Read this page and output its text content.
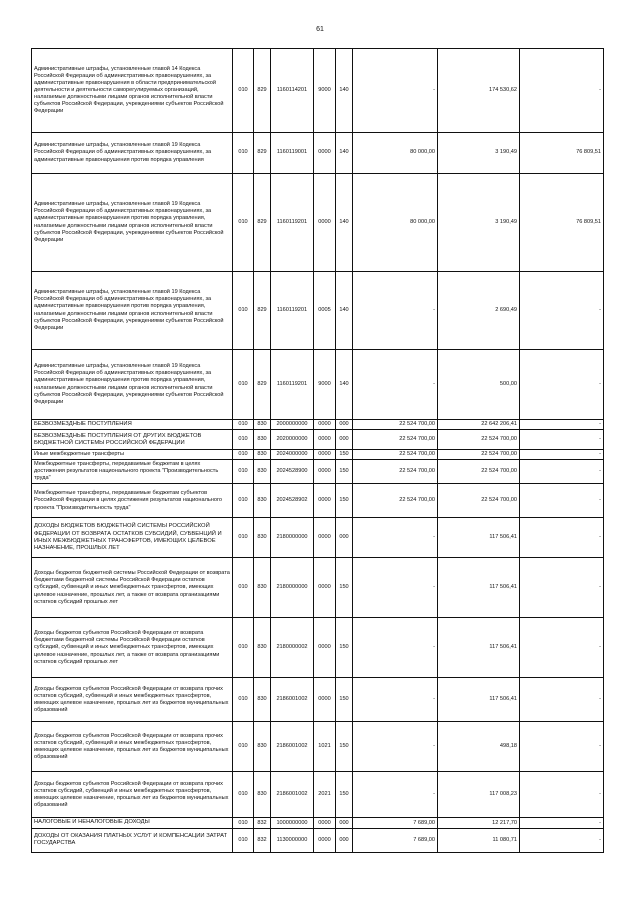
61
Административные штрафы, установленные главой 14 Кодекса Российской Федерации об административных правонарушениях, за административные правонарушения в области предпринимательской деятельности и деятельности саморегулируемых организаций, налагаемые должностными лицами органов исполнительной власти субъектов Российской Федерации, учреждениями субъектов Российской Федерации	010	829	1160114201	9000	140	-	174 530,62	-
Административные штрафы, установленные главой 19 Кодекса Российской Федерации об административных правонарушениях, за административные правонарушения против порядка управления	010	829	1160119001	0000	140	80 000,00	3 190,49	76 809,51
Административные штрафы, установленные главой 19 Кодекса Российской Федерации об административных правонарушениях, за административные правонарушения против порядка управления, налагаемые должностными лицами органов исполнительной власти субъектов Российской Федерации, учреждениями субъектов Российской Федерации	010	829	1160119201	0000	140	80 000,00	3 190,49	76 809,51
Административные штрафы, установленные главой 19 Кодекса Российской Федерации об административных правонарушениях, за административные правонарушения против порядка управления, налагаемые должностными лицами органов исполнительной власти субъектов Российской Федерации, учреждениями субъектов Российской Федерации	010	829	1160119201	0005	140	-	2 690,49	-
Административные штрафы, установленные главой 19 Кодекса Российской Федерации об административных правонарушениях, за административные правонарушения против порядка управления, налагаемые должностными лицами органов исполнительной власти субъектов Российской Федерации, учреждениями субъектов Российской Федерации	010	829	1160119201	9000	140	-	500,00	-
БЕЗВОЗМЕЗДНЫЕ ПОСТУПЛЕНИЯ	010	830	2000000000	0000	000	22 524 700,00	22 642 206,41	-
БЕЗВОЗМЕЗДНЫЕ ПОСТУПЛЕНИЯ ОТ ДРУГИХ БЮДЖЕТОВ БЮДЖЕТНОЙ СИСТЕМЫ РОССИЙСКОЙ ФЕДЕРАЦИИ	010	830	2020000000	0000	000	22 524 700,00	22 524 700,00	-
Иные межбюджетные трансферты	010	830	2024000000	0000	150	22 524 700,00	22 524 700,00	-
Межбюджетные трансферты, передаваемые бюджетам в целях достижения результатов национального проекта "Производительность труда"	010	830	2024528900	0000	150	22 524 700,00	22 524 700,00	-
Межбюджетные трансферты, передаваемые бюджетам субъектов Российской Федерации в целях достижения результатов национального проекта "Производительность труда"	010	830	2024528902	0000	150	22 524 700,00	22 524 700,00	-
ДОХОДЫ БЮДЖЕТОВ БЮДЖЕТНОЙ СИСТЕМЫ РОССИЙСКОЙ ФЕДЕРАЦИИ ОТ ВОЗВРАТА ОСТАТКОВ СУБСИДИЙ, СУБВЕНЦИЙ И ИНЫХ МЕЖБЮДЖЕТНЫХ ТРАНСФЕРТОВ, ИМЕЮЩИХ ЦЕЛЕВОЕ НАЗНАЧЕНИЕ, ПРОШЛЫХ ЛЕТ	010	830	2180000000	0000	000	-	117 506,41	-
Доходы бюджетов бюджетной системы Российской Федерации от возврата бюджетами бюджетной системы Российской Федерации остатков субсидий, субвенций и иных межбюджетных трансфертов, имеющих целевое назначение, прошлых лет, а также от возврата организациями остатков субсидий прошлых лет	010	830	2180000000	0000	150	-	117 506,41	-
Доходы бюджетов субъектов Российской Федерации от возврата бюджетами бюджетной системы Российской Федерации остатков субсидий, субвенций и иных межбюджетных трансфертов, имеющих целевое назначение, прошлых лет, а также от возврата организациями остатков субсидий прошлых лет	010	830	2180000002	0000	150	-	117 506,41	-
Доходы бюджетов субъектов Российской Федерации от возврата прочих остатков субсидий, субвенций и иных межбюджетных трансфертов, имеющих целевое назначение, прошлых лет из бюджетов муниципальных образований	010	830	2186001002	0000	150	-	117 506,41	-
Доходы бюджетов субъектов Российской Федерации от возврата прочих остатков субсидий, субвенций и иных межбюджетных трансфертов, имеющих целевое назначение, прошлых лет из бюджетов муниципальных образований	010	830	2186001002	1021	150	-	498,18	-
Доходы бюджетов субъектов Российской Федерации от возврата прочих остатков субсидий, субвенций и иных межбюджетных трансфертов, имеющих целевое назначение, прошлых лет из бюджетов муниципальных образований	010	830	2186001002	2021	150	-	117 008,23	-
НАЛОГОВЫЕ И НЕНАЛОГОВЫЕ ДОХОДЫ	010	832	1000000000	0000	000	7 689,00	12 217,70	-
ДОХОДЫ ОТ ОКАЗАНИЯ ПЛАТНЫХ УСЛУГ И КОМПЕНСАЦИИ ЗАТРАТ ГОСУДАРСТВА	010	832	1130000000	0000	000	7 689,00	11 080,71	-
